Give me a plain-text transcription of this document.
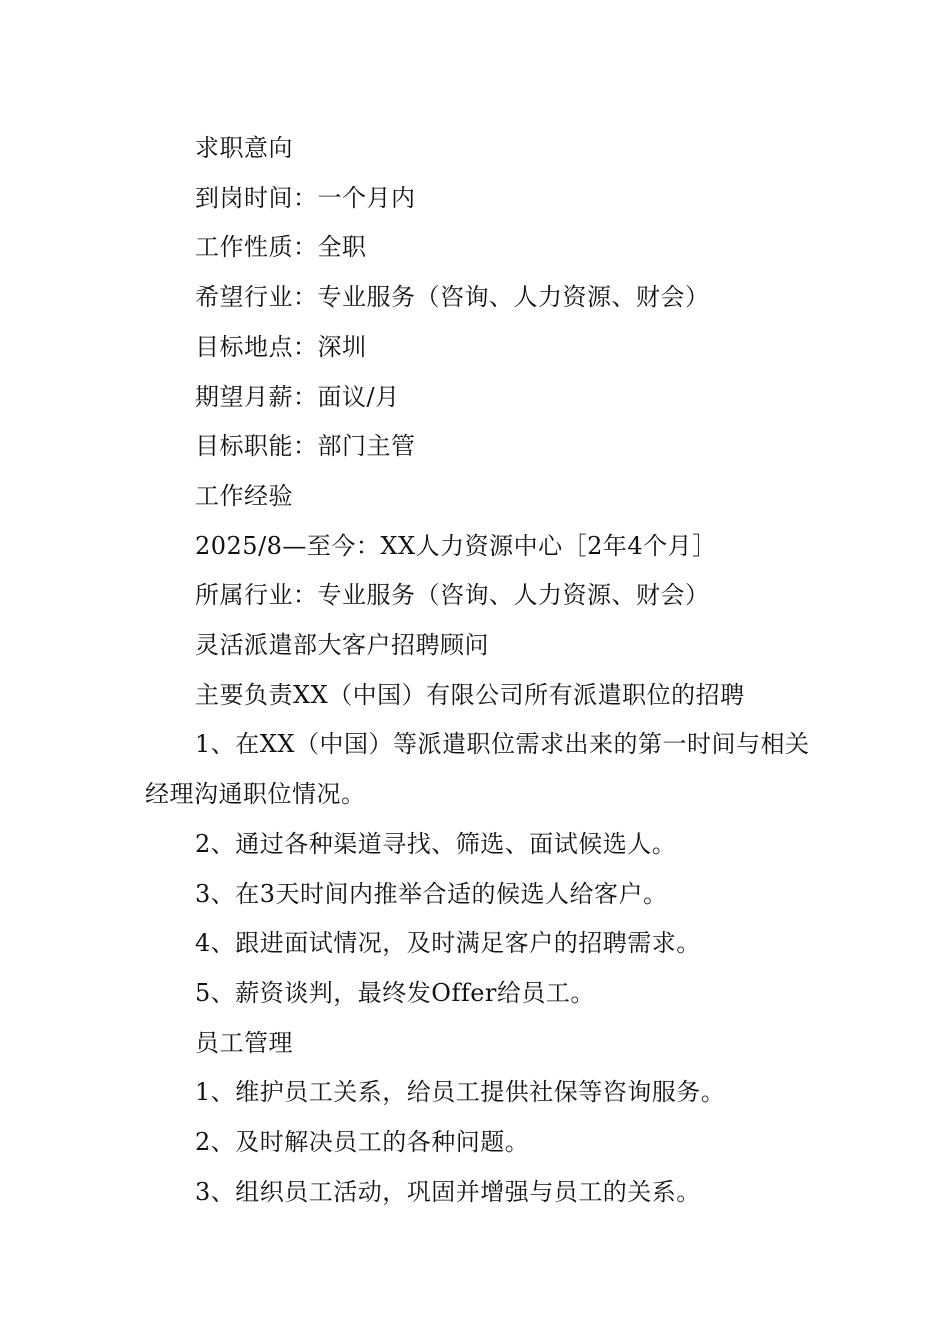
求职意向

到岗时间：一个月内

工作性质：全职

希望行业：专业服务（咨询、人力资源、财会）

目标地点：深圳

期望月薪：面议/月

目标职能：部门主管

工作经验

2025/8—至今：XX人力资源中心［2年4个月］

所属行业：专业服务（咨询、人力资源、财会）

灵活派遣部大客户招聘顾问

主要负责XX（中国）有限公司所有派遣职位的招聘

1、在XX（中国）等派遣职位需求出来的第一时间与相关经理沟通职位情况。

2、通过各种渠道寻找、筛选、面试候选人。

3、在3天时间内推举合适的候选人给客户。

4、跟进面试情况，及时满足客户的招聘需求。

5、薪资谈判，最终发Offer给员工。

员工管理

1、维护员工关系，给员工提供社保等咨询服务。

2、及时解决员工的各种问题。

3、组织员工活动，巩固并增强与员工的关系。
